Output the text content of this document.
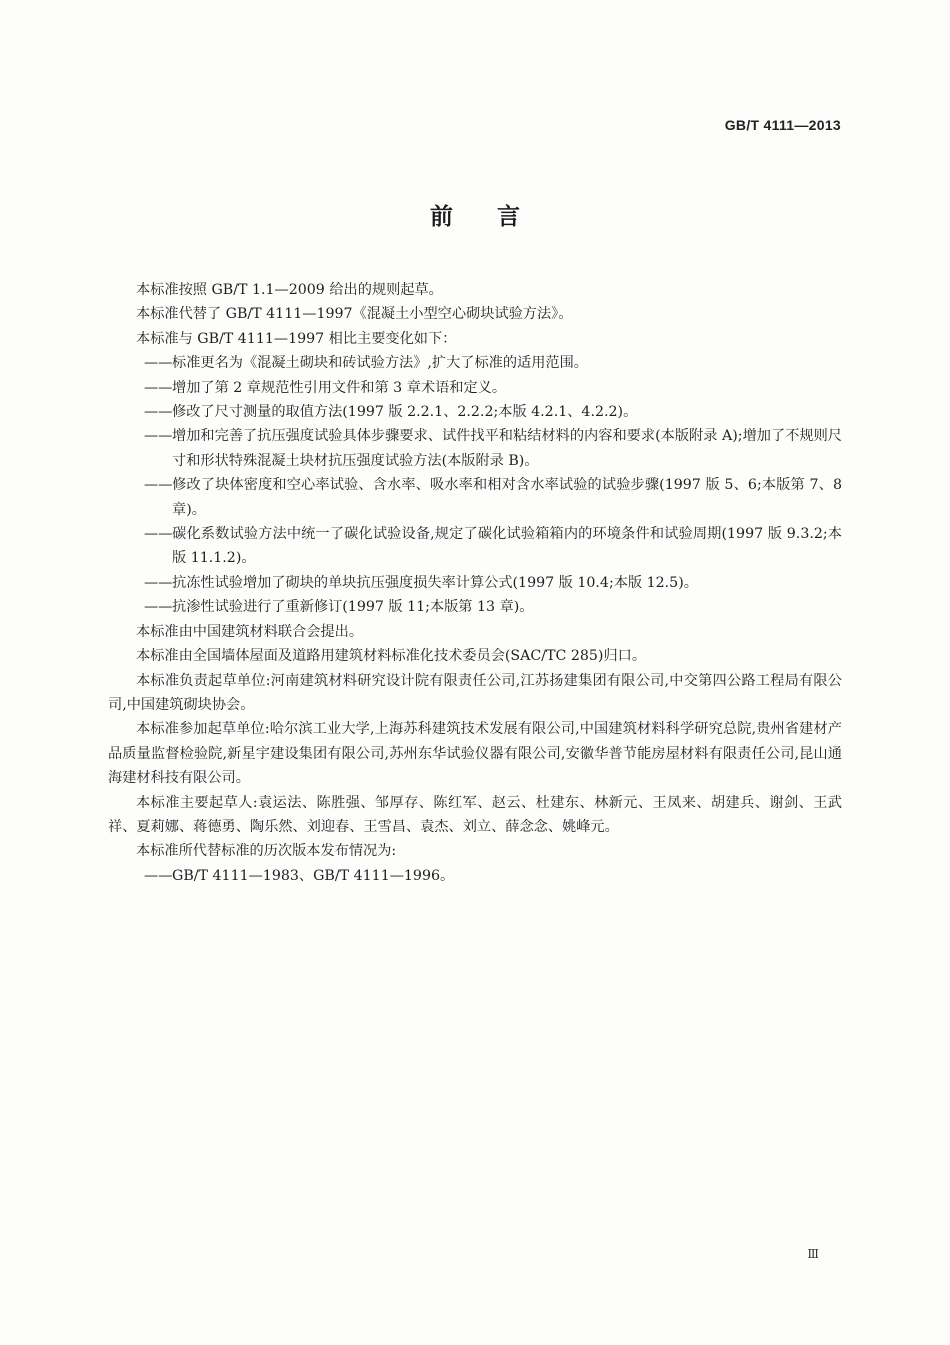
GB/T 4111—2013
前言

本标准按照 GB/T 1.1—2009 给出的规则起草。

本标准代替了 GB/T 4111—1997《混凝土小型空心砌块试验方法》。

本标准与 GB/T 4111—1997 相比主要变化如下：

——标准更名为《混凝土砌块和砖试验方法》,扩大了标准的适用范围。

——增加了第 2 章规范性引用文件和第 3 章术语和定义。

——修改了尺寸测量的取值方法(1997 版 2.2.1、2.2.2;本版 4.2.1、4.2.2)。

——增加和完善了抗压强度试验具体步骤要求、试件找平和粘结材料的内容和要求(本版附录 A);增加了不规则尺寸和形状特殊混凝土块材抗压强度试验方法(本版附录 B)。

——修改了块体密度和空心率试验、含水率、吸水率和相对含水率试验的试验步骤(1997 版 5、6;本版第 7、8 章)。

——碳化系数试验方法中统一了碳化试验设备,规定了碳化试验箱箱内的环境条件和试验周期(1997 版 9.3.2;本版 11.1.2)。

——抗冻性试验增加了砌块的单块抗压强度损失率计算公式(1997 版 10.4;本版 12.5)。

——抗渗性试验进行了重新修订(1997 版 11;本版第 13 章)。

本标准由中国建筑材料联合会提出。

本标准由全国墙体屋面及道路用建筑材料标准化技术委员会(SAC/TC 285)归口。

本标准负责起草单位:河南建筑材料研究设计院有限责任公司,江苏扬建集团有限公司,中交第四公路工程局有限公司,中国建筑砌块协会。

本标准参加起草单位:哈尔滨工业大学,上海苏科建筑技术发展有限公司,中国建筑材料科学研究总院,贵州省建材产品质量监督检验院,新星宇建设集团有限公司,苏州东华试验仪器有限公司,安徽华普节能房屋材料有限责任公司,昆山通海建材科技有限公司。

本标准主要起草人:袁运法、陈胜强、邹厚存、陈红军、赵云、杜建东、林新元、王凤来、胡建兵、谢剑、王武祥、夏莉娜、蒋德勇、陶乐然、刘迎春、王雪昌、袁杰、刘立、薛念念、姚峰元。

本标准所代替标准的历次版本发布情况为:

——GB/T 4111—1983、GB/T 4111—1996。

Ⅲ
